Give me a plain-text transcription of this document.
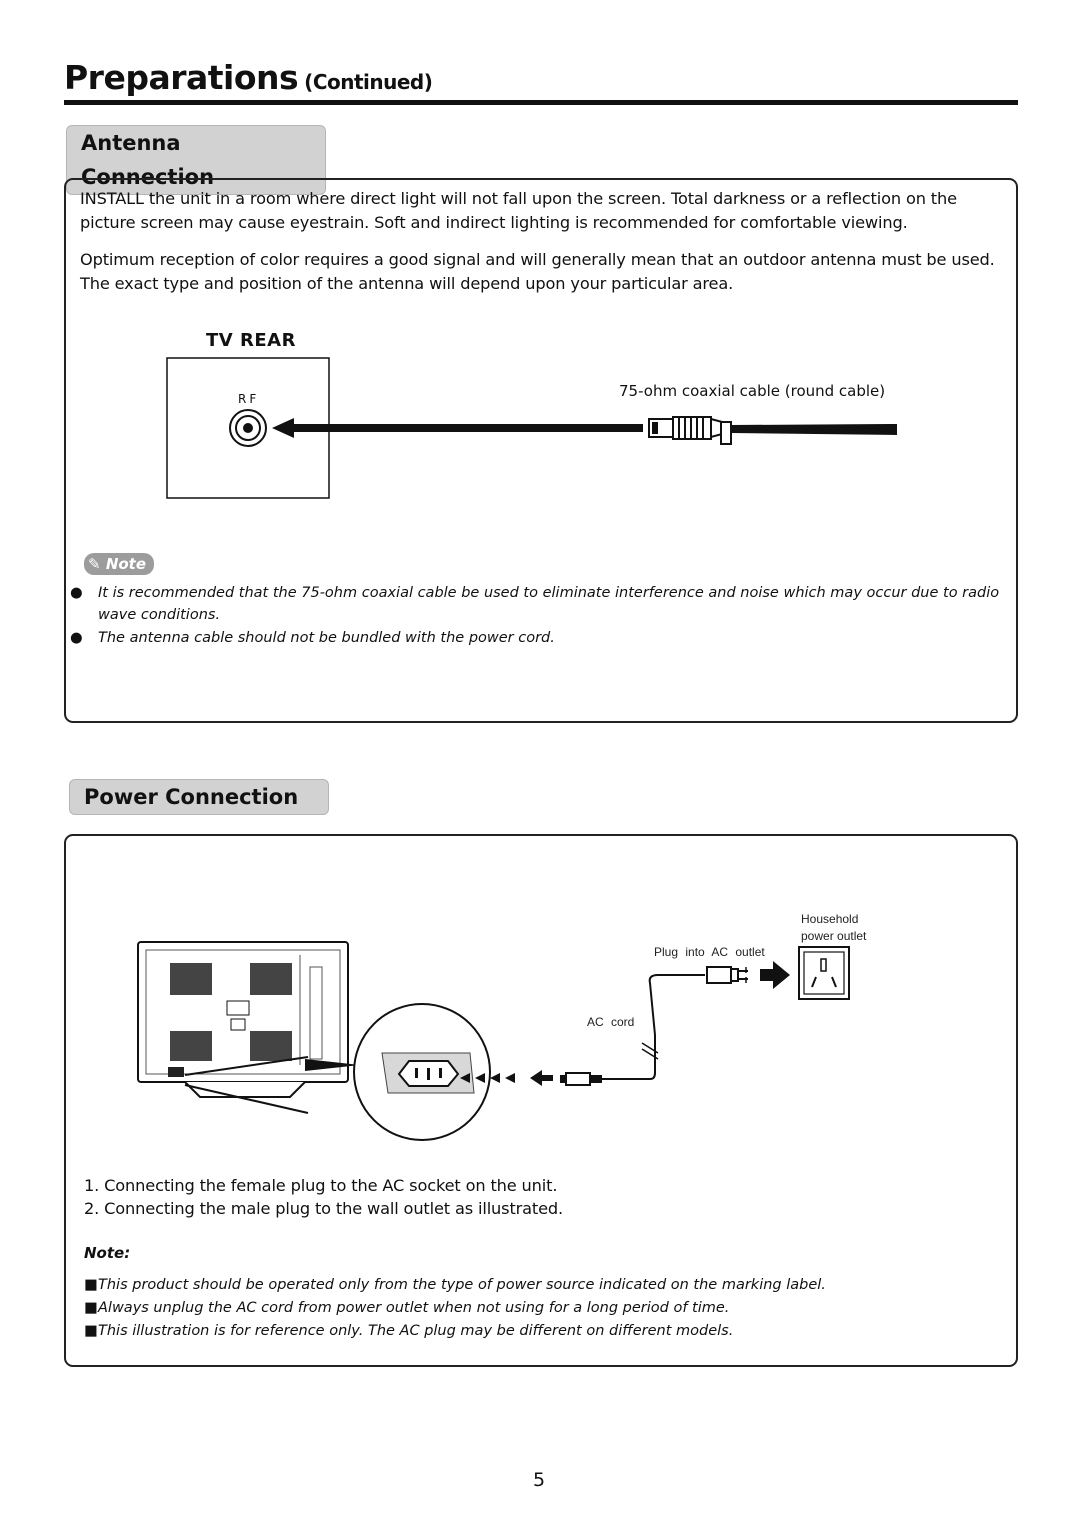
Preparations (Continued)
Antenna Connection
INSTALL the unit in a room where direct light will not fall upon the screen. Total darkness or a reflection on the picture screen may cause eyestrain. Soft and indirect lighting is recommended for comfortable viewing.
Optimum reception of color requires a good signal and will generally mean that an outdoor antenna must be used. The exact type and position of the antenna will depend upon your particular area.
TV REAR
RF	75-ohm coaxial cable (round cable)
✎ Note
● It is recommended that the 75-ohm coaxial cable be used to eliminate interference and noise which may occur due to radio wave conditions.
● The antenna cable should not be bundled with the power cord.
Power Connection
Household
power outlet
Plug into AC outlet
AC cord
1. Connecting the female plug to the AC socket on the unit.
2. Connecting the male plug to the wall outlet as illustrated.
Note:
■This product should be operated only from the type of power source indicated on the marking label.
■Always unplug the AC cord from power outlet when not using for a long period of time.
■This illustration is for reference only. The AC plug may be different on different models.
5
